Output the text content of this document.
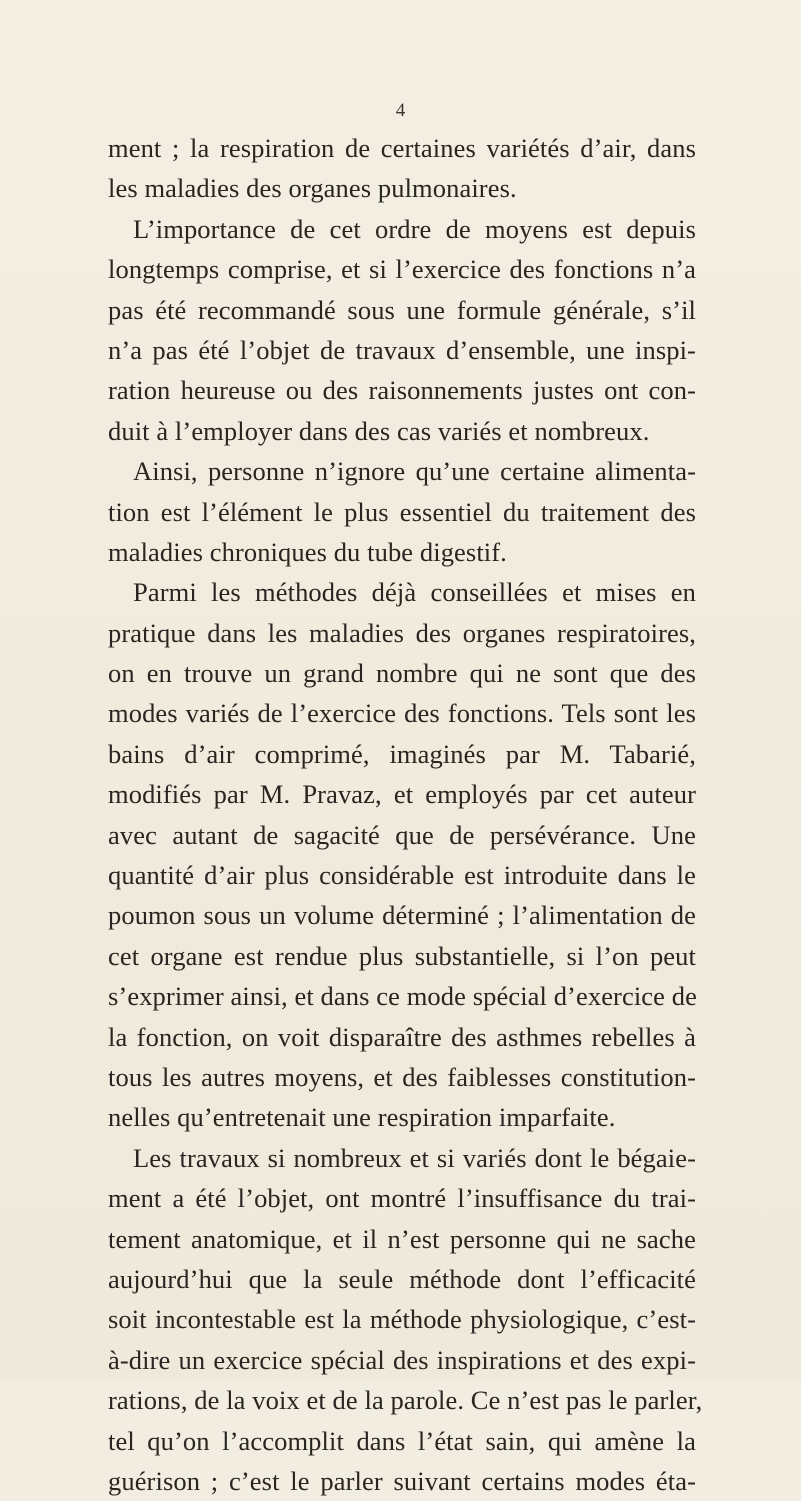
4
ment ; la respiration de certaines variétés d’air, dans
les maladies des organes pulmonaires.
L’importance de cet ordre de moyens est depuis
longtemps comprise, et si l’exercice des fonctions n’a
pas été recommandé sous une formule générale, s’il
n’a pas été l’objet de travaux d’ensemble, une inspi-
ration heureuse ou des raisonnements justes ont con-
duit à l’employer dans des cas variés et nombreux.
Ainsi, personne n’ignore qu’une certaine alimenta-
tion est l’élément le plus essentiel du traitement des
maladies chroniques du tube digestif.
Parmi les méthodes déjà conseillées et mises en
pratique dans les maladies des organes respiratoires,
on en trouve un grand nombre qui ne sont que des
modes variés de l’exercice des fonctions. Tels sont les
bains d’air comprimé, imaginés par M. Tabarié,
modifiés par M. Pravaz, et employés par cet auteur
avec autant de sagacité que de persévérance. Une
quantité d’air plus considérable est introduite dans le
poumon sous un volume déterminé ; l’alimentation de
cet organe est rendue plus substantielle, si l’on peut
s’exprimer ainsi, et dans ce mode spécial d’exercice de
la fonction, on voit disparaître des asthmes rebelles à
tous les autres moyens, et des faiblesses constitution-
nelles qu’entretenait une respiration imparfaite.
Les travaux si nombreux et si variés dont le bégaie-
ment a été l’objet, ont montré l’insuffisance du trai-
tement anatomique, et il n’est personne qui ne sache
aujourd’hui que la seule méthode dont l’efficacité
soit incontestable est la méthode physiologique, c’est-
à-dire un exercice spécial des inspirations et des expi-
rations, de la voix et de la parole. Ce n’est pas le parler,
tel qu’on l’accomplit dans l’état sain, qui amène la
guérison ; c’est le parler suivant certains modes éta-
